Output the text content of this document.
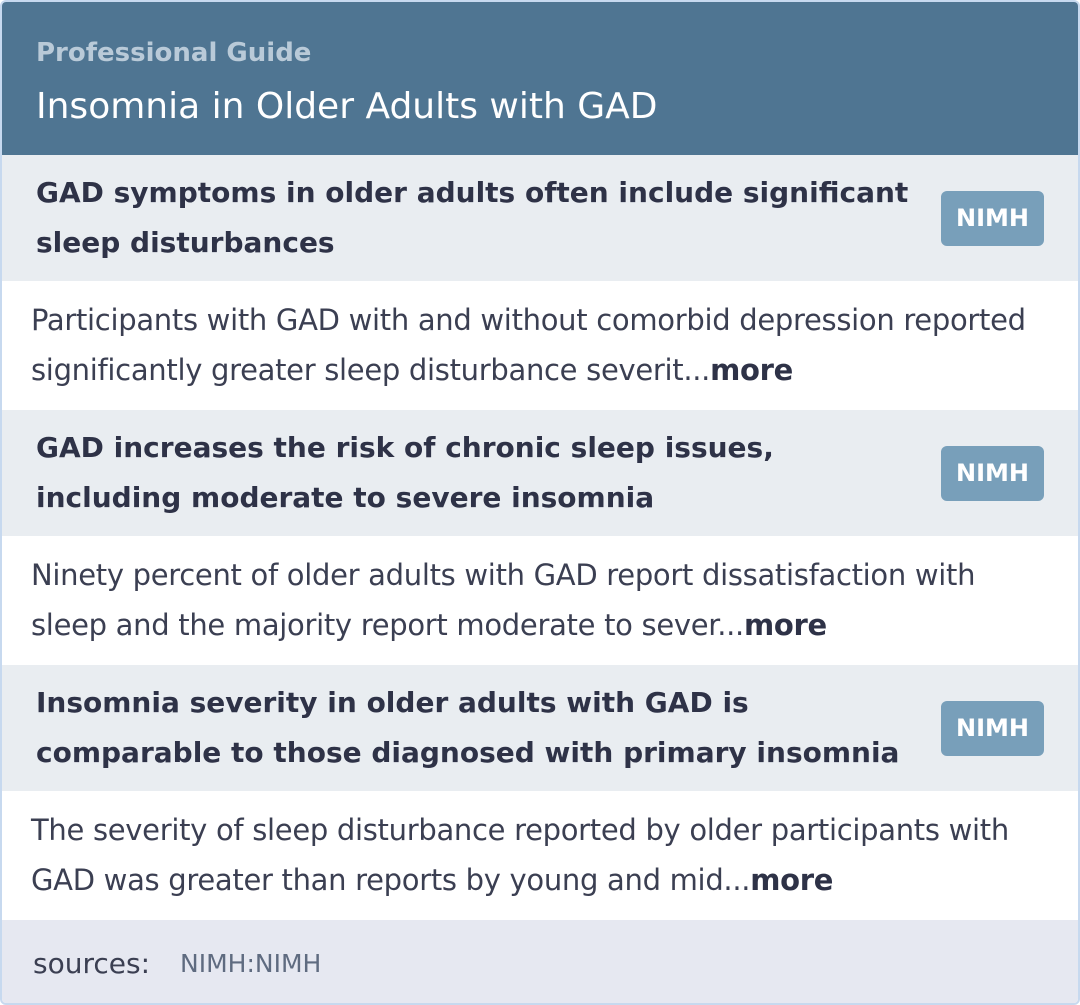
Professional Guide
Insomnia in Older Adults with GAD
GAD symptoms in older adults often include significant sleep disturbances
NIMH
Participants with GAD with and without comorbid depression reported significantly greater sleep disturbance severit...more
GAD increases the risk of chronic sleep issues, including moderate to severe insomnia
NIMH
Ninety percent of older adults with GAD report dissatisfaction with sleep and the majority report moderate to sever...more
Insomnia severity in older adults with GAD is comparable to those diagnosed with primary insomnia
NIMH
The severity of sleep disturbance reported by older participants with GAD was greater than reports by young and mid...more
sources: NIMH:NIMH
